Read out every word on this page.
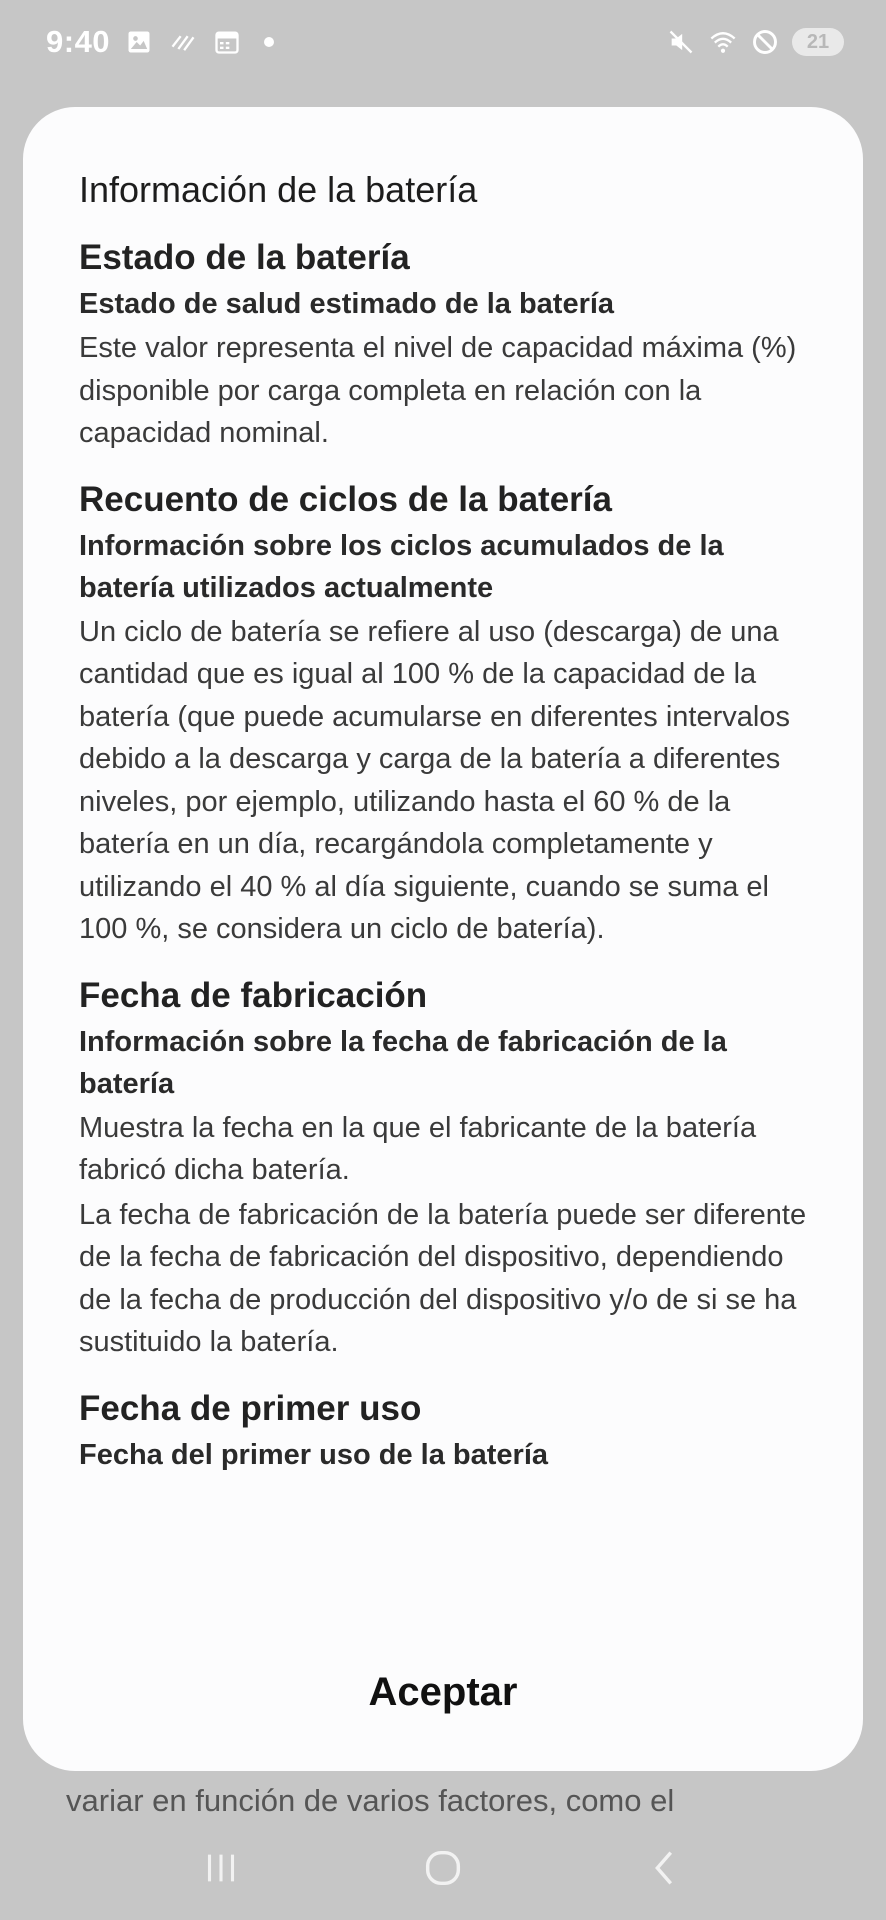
9:40	21
Información de la batería
Estado de la batería
Estado de salud estimado de la batería
Este valor representa el nivel de capacidad máxima (%) disponible por carga completa en relación con la capacidad nominal.
Recuento de ciclos de la batería
Información sobre los ciclos acumulados de la batería utilizados actualmente
Un ciclo de batería se refiere al uso (descarga) de una cantidad que es igual al 100 % de la capacidad de la batería (que puede acumularse en diferentes intervalos debido a la descarga y carga de la batería a diferentes niveles, por ejemplo, utilizando hasta el 60 % de la batería en un día, recargándola completamente y utilizando el 40 % al día siguiente, cuando se suma el 100 %, se considera un ciclo de batería).
Fecha de fabricación
Información sobre la fecha de fabricación de la batería
Muestra la fecha en la que el fabricante de la batería fabricó dicha batería.
La fecha de fabricación de la batería puede ser diferente de la fecha de fabricación del dispositivo, dependiendo de la fecha de producción del dispositivo y/o de si se ha sustituido la batería.
Fecha de primer uso
Fecha del primer uso de la batería
Aceptar
variar en función de varios factores, como el
